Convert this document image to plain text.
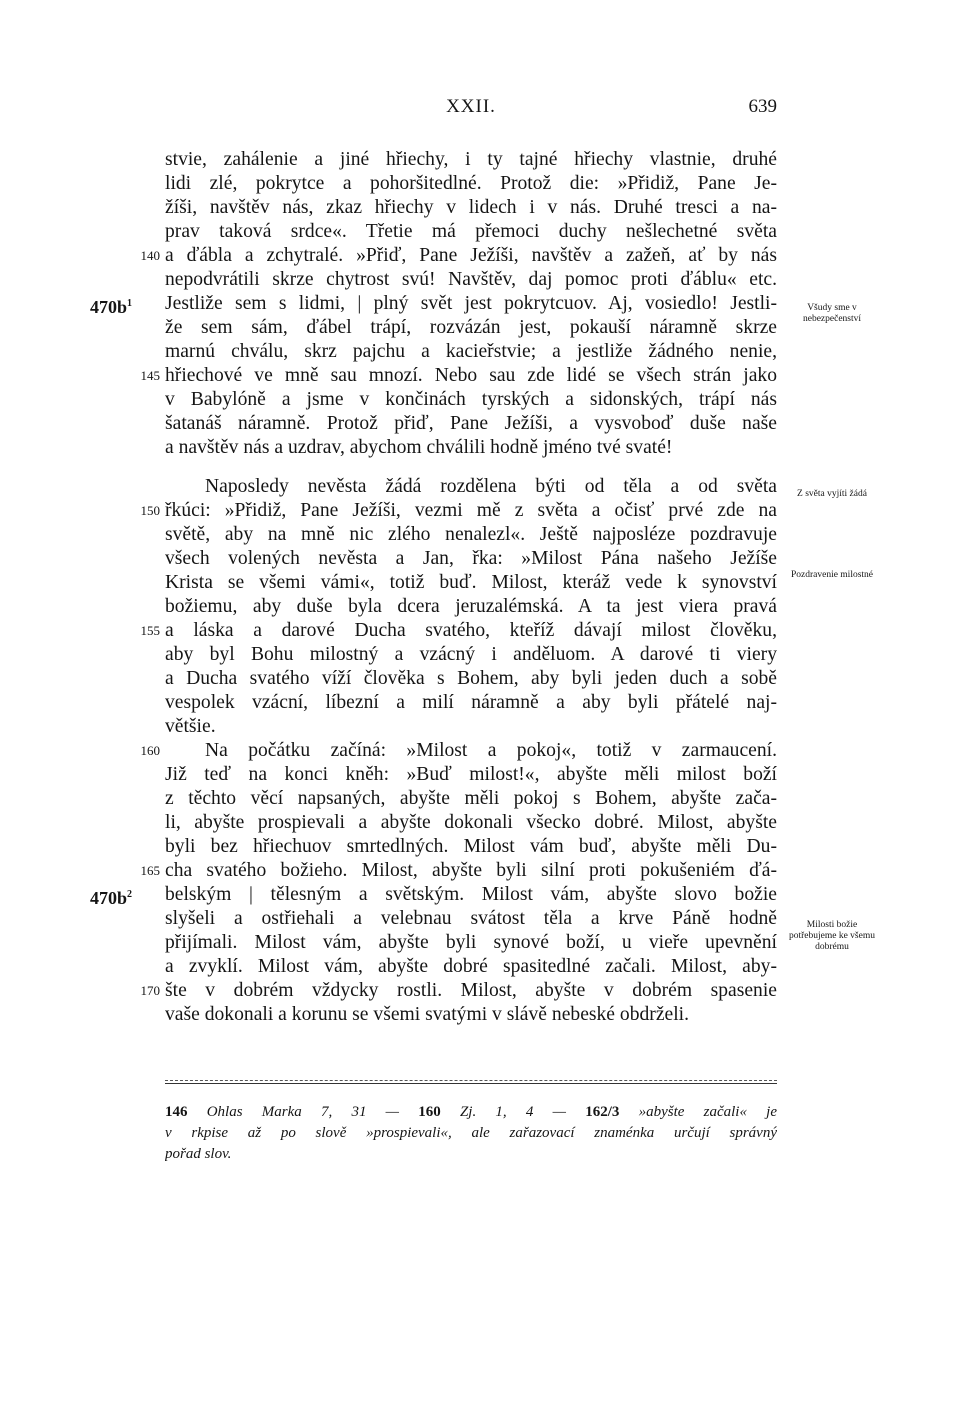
XXII.	639
stvie, zahálenie a jiné hřiechy, i ty tajné hřiechy vlastnie, druhé
lidi zlé, pokrytce a pohoršitedlné. Protož die: »Přidiž, Pane Je-
žíši, navštěv nás, zkaz hřiechy v lidech i v nás. Druhé tresci a na-
prav taková srdce«. Třetie má přemoci duchy nešlechetné světa
a ďábla a zchytralé. »Přiď, Pane Ježíši, navštěv a zažeň, ať by nás
nepodvrátili skrze chytrost svú! Navštěv, daj pomoc proti ďáblu« etc.
Jestliže sem s lidmi, | plný svět jest pokrytcuov. Aj, vosiedlo! Jestli-
že sem sám, ďábel trápí, rozvázán jest, pokauší náramně skrze
marnú chválu, skrz pajchu a kacieřstvie; a jestliže žádného nenie,
hřiechové ve mně sau mnozí. Nebo sau zde lidé se všech strán jako
v Babylóně a jsme v končinách tyrských a sidonských, trápí nás
šatanáš náramně. Protož přiď, Pane Ježíši, a vysvoboď duše naše
a navštěv nás a uzdrav, abychom chválili hodně jméno tvé svaté!
Naposledy nevěsta žádá rozdělena býti od těla a od světa
řkúci: »Přidiž, Pane Ježíši, vezmi mě z světa a očisť prvé zde na
světě, aby na mně nic zlého nenalezl«. Ještě najposléze pozdravuje
všech volených nevěsta a Jan, řka: »Milost Pána našeho Ježíše
Krista se všemi vámi«, totiž buď. Milost, kteráž vede k synovství
božiemu, aby duše byla dcera jeruzalémská. A ta jest viera pravá
a láska a darové Ducha svatého, kteříž dávají milost člověku,
aby byl Bohu milostný a vzácný i anděluom. A darové ti viery
a Ducha svatého víží člověka s Bohem, aby byli jeden duch a sobě
vespolek vzácní, líbezní a milí náramně a aby byli přátelé naj-
většie.
Na počátku začíná: »Milost a pokoj«, totiž v zarmaucení.
Již teď na konci kněh: »Buď milost!«, abyšte měli milost boží
z těchto věcí napsaných, abyšte měli pokoj s Bohem, abyšte zača-
li, abyšte prospievali a abyšte dokonali všecko dobré. Milost, abyšte
byli bez hřiechuov smrtedlných. Milost vám buď, abyšte měli Du-
cha svatého božieho. Milost, abyšte byli silní proti pokušeniém ďá-
belským | tělesným a světským. Milost vám, abyšte slovo božie
slyšeli a ostřiehali a velebnau svátost těla a krve Páně hodně
přijímali. Milost vám, abyšte byli synové boží, u vieře upevnění
a zvyklí. Milost vám, abyšte dobré spasitedlné začali. Milost, aby-
šte v dobrém vždycky rostli. Milost, abyšte v dobrém spasenie
vaše dokonali a korunu se všemi svatými v slávě nebeské obdrželi.
140
145
150
155
160
165
170
$470b^1$
$470b^2$
Všudy sme v nebezpečenství
Z světa vyjíti žádá
Pozdravenie milostné
Milosti božie potřebujeme ke všemu dobrému
146 Ohlas Marka 7, 31 — 160 Zj. 1, 4 — 162/3 »abyšte začali« je
v rkpise až po slově »prospievali«, ale zařazovací znaménka určují správný
pořad slov.
